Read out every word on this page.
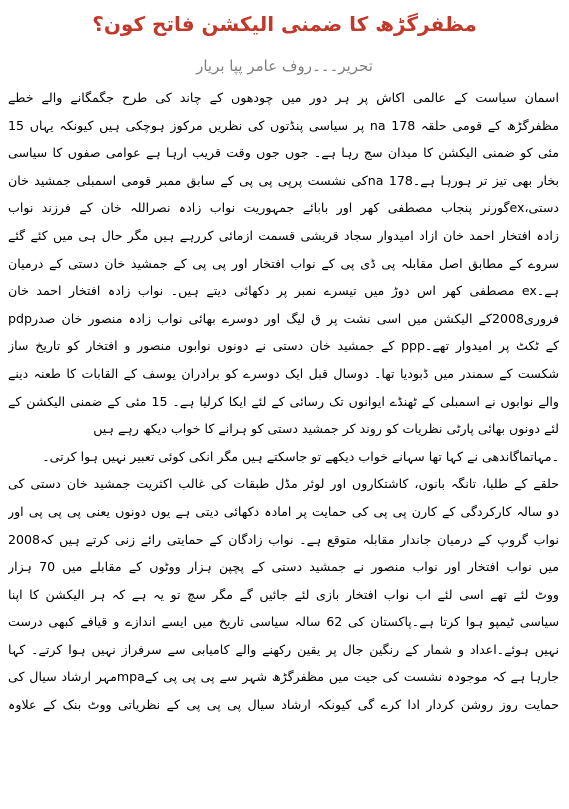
مظفرگڑھ کا ضمنی الیکشن فاتح کون؟

تحریر۔۔۔روف عامر پپا بریار

اسمان سیاست کے عالمی اکاش پر ہر دور میں چودھوں کے چاند کی طرح جگمگانے والے خطے
مظفرگڑھ کے قومی حلقہ na 178 پر سیاسی پنڈتوں کی نظریں مرکوز ہوچکی ہیں کیونکہ یہاں 15
مئی کو ضمنی الیکشن کا میدان سج رہا ہے۔ جوں جوں وقت قریب ارہا ہے عوامی صفوں کا سیاسی
بخار بھی تیز تر ہورہا ہے۔na 178کی نشست پرپی پی پی کے سابق ممبر قومی اسمبلی جمشید خان
دستی،exگورنر پنجاب مصطفی کھر اور بابائے جمہوریت نواب زادہ نصراللہ خان کے فرزند نواب
زادہ افتخار احمد خان ازاد امیدوار سجاد قریشی قسمت ازمائی کررہے ہیں مگر حال ہی میں کئے گئے
سروے کے مطابق اصل مقابلہ پی ڈی پی کے نواب افتخار اور پی پی کے جمشید خان دستی کے درمیان
ہے۔ex مصطفی کھر اس دوڑ میں تیسرے نمبر پر دکھائی دیتے ہیں۔ نواب زادہ افتخار احمد خان
فروری2008کے الیکشن میں اسی نشت پر ق لیگ اور دوسرے بھائی نواب زادہ منصور خان صدرpdp
کے ٹکٹ پر امیدوار تھے۔ppp کے جمشید خان دستی نے دونوں نوابوں منصور و افتخار کو تاریخ ساز
شکست کے سمندر میں ڈبودیا تھا۔ دوسال قبل ایک دوسرے کو برادران یوسف کے القابات کا طعنہ دینے
والے نوابوں نے اسمبلی کے ٹھنڈے ایوانوں تک رسائی کے لئے ایکا کرلیا ہے۔ 15 مئی کے ضمنی الیکشن کے
لئے دونوں بھائی پارٹی نظریات کو روند کر جمشید دستی کو ہرانے کا خواب دیکھ رہے ہیں
۔مہاتماگاندھی نے کہا تھا سہانے خواب دیکھے تو جاسکتے ہیں مگر انکی کوئی تعبیر نہیں ہوا کرتی۔
حلقے کے طلبا، تانگہ بانوں، کاشتکاروں اور لوئر مڈل طبقات کی غالب اکثریت جمشید خان دستی کی
دو سالہ کارکردگی کے کارن پی پی کی حمایت پر امادہ دکھائی دیتی ہے یوں دونوں یعنی پی پی پی اور
نواب گروپ کے درمیان جاندار مقابلہ متوقع ہے۔ نواب زادگان کے حمایتی رائے زنی کرتے ہیں کہ2008
میں نواب افتخار اور نواب منصور نے جمشید دستی کے پچپن ہزار ووٹوں کے مقابلے میں 70 ہزار
ووٹ لئے تھے اسی لئے اب نواب افتخار بازی لئے جائیں گے مگر سچ تو یہ ہے کہ ہر الیکشن کا اپنا
سیاسی ٹیمپو ہوا کرتا ہے۔پاکستان کی 62 سالہ سیاسی تاریخ میں ایسے اندازے و قیافے کبھی درست
نہیں ہوئے۔اعداد و شمار کے رنگین جال پر یقین رکھنے والے کامیابی سے سرفراز نہیں ہوا کرتے۔ کہا
جارہا ہے کہ موجودہ نشست کی جیت میں مظفرگڑھ شہر سے پی پی پی کےmpaمہر ارشاد سیال کی
حمایت روز روشن کردار ادا کرے گی کیونکہ ارشاد سیال پی پی پی کے نظریاتی ووٹ بنک کے علاوہ
